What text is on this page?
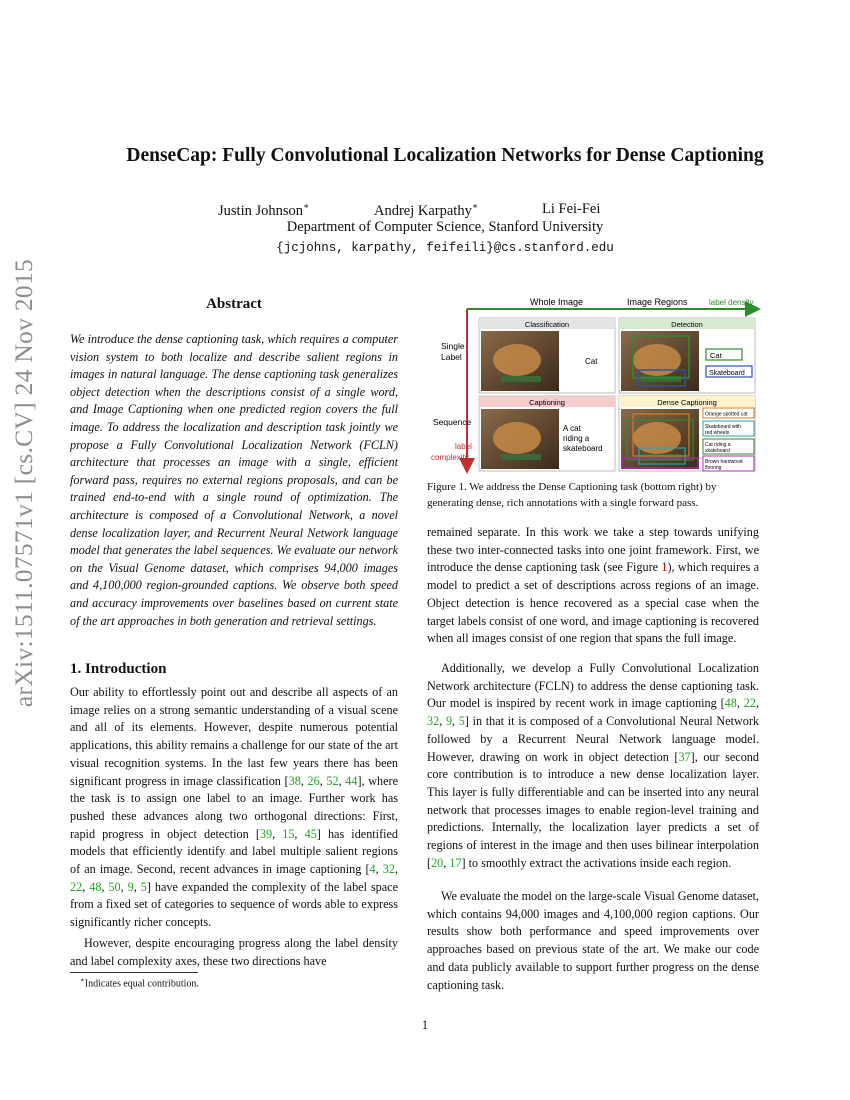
arXiv:1511.07571v1 [cs.CV] 24 Nov 2015
DenseCap: Fully Convolutional Localization Networks for Dense Captioning
Justin Johnson∗	Andrej Karpathy∗	Li Fei-Fei
Department of Computer Science, Stanford University
{jcjohns, karpathy, feifeili}@cs.stanford.edu
Abstract
We introduce the dense captioning task, which requires a computer vision system to both localize and describe salient regions in images in natural language. The dense captioning task generalizes object detection when the descriptions consist of a single word, and Image Captioning when one predicted region covers the full image. To address the localization and description task jointly we propose a Fully Convolutional Localization Network (FCLN) architecture that processes an image with a single, efficient forward pass, requires no external regions proposals, and can be trained end-to-end with a single round of optimization. The architecture is composed of a Convolutional Network, a novel dense localization layer, and Recurrent Neural Network language model that generates the label sequences. We evaluate our network on the Visual Genome dataset, which comprises 94,000 images and 4,100,000 region-grounded captions. We observe both speed and accuracy improvements over baselines based on current state of the art approaches in both generation and retrieval settings.
1. Introduction
Our ability to effortlessly point out and describe all aspects of an image relies on a strong semantic understanding of a visual scene and all of its elements. However, despite numerous potential applications, this ability remains a challenge for our state of the art visual recognition systems. In the last few years there has been significant progress in image classification [38, 26, 52, 44], where the task is to assign one label to an image. Further work has pushed these advances along two orthogonal directions: First, rapid progress in object detection [39, 15, 45] has identified models that efficiently identify and label multiple salient regions of an image. Second, recent advances in image captioning [4, 32, 22, 48, 50, 9, 5] have expanded the complexity of the label space from a fixed set of categories to sequence of words able to express significantly richer concepts.
However, despite encouraging progress along the label density and label complexity axes, these two directions have
∗Indicates equal contribution.
Whole Image	Image Regions	label density
Single
Label
Sequence
label
complexity
Classification
Cat
Detection
Cat
Skateboard
Captioning
A cat
riding a
skateboard
Dense Captioning
Orange spotted cat
Skateboard with
red wheels
Cat riding a
skateboard
Brown hardwood
flooring
Figure 1. We address the Dense Captioning task (bottom right) by generating dense, rich annotations with a single forward pass.
remained separate. In this work we take a step towards unifying these two inter-connected tasks into one joint framework. First, we introduce the dense captioning task (see Figure 1), which requires a model to predict a set of descriptions across regions of an image. Object detection is hence recovered as a special case when the target labels consist of one word, and image captioning is recovered when all images consist of one region that spans the full image.
Additionally, we develop a Fully Convolutional Localization Network architecture (FCLN) to address the dense captioning task. Our model is inspired by recent work in image captioning [48, 22, 32, 9, 5] in that it is composed of a Convolutional Neural Network followed by a Recurrent Neural Network language model. However, drawing on work in object detection [37], our second core contribution is to introduce a new dense localization layer. This layer is fully differentiable and can be inserted into any neural network that processes images to enable region-level training and predictions. Internally, the localization layer predicts a set of regions of interest in the image and then uses bilinear interpolation [20, 17] to smoothly extract the activations inside each region.
We evaluate the model on the large-scale Visual Genome dataset, which contains 94,000 images and 4,100,000 region captions. Our results show both performance and speed improvements over approaches based on previous state of the art. We make our code and data publicly available to support further progress on the dense captioning task.
1
